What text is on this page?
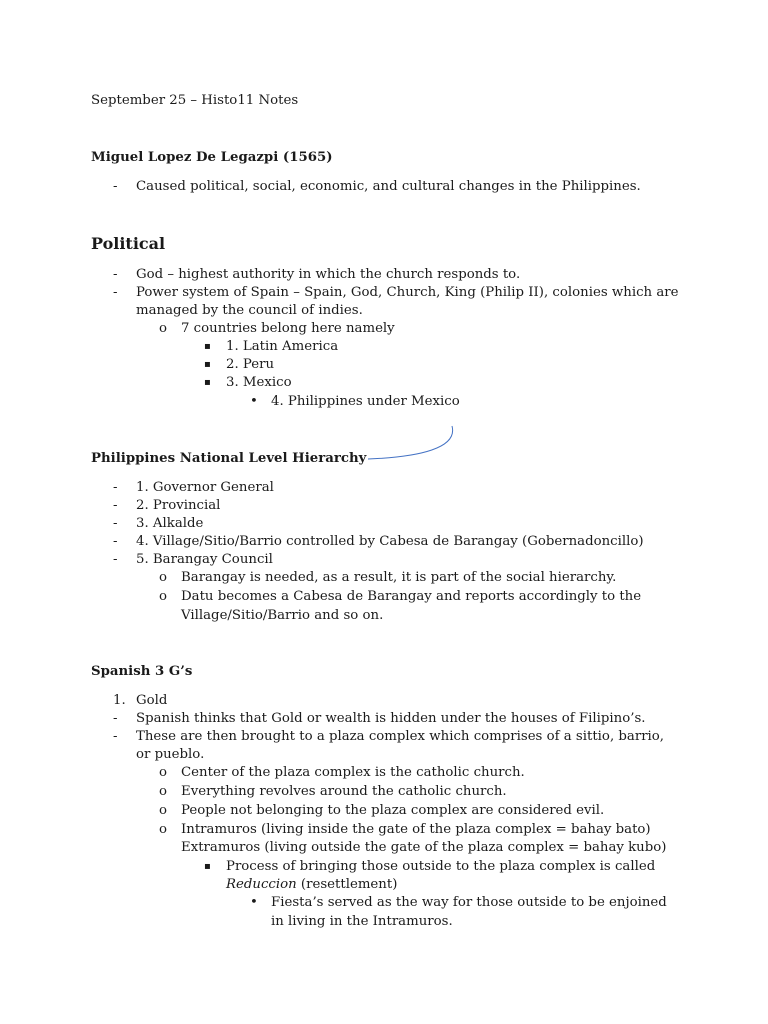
September 25 – Histo11 Notes
Miguel Lopez De Legazpi (1565)
- Caused political, social, economic, and cultural changes in the Philippines.
Political
- God – highest authority in which the church responds to.
- Power system of Spain – Spain, God, Church, King (Philip II), colonies which are
managed by the council of indies.
o 7 countries belong here namely
▪ 1. Latin America
▪ 2. Peru
▪ 3. Mexico
• 4. Philippines under Mexico
Philippines National Level Hierarchy
- 1. Governor General
- 2. Provincial
- 3. Alkalde
- 4. Village/Sitio/Barrio controlled by Cabesa de Barangay (Gobernadoncillo)
- 5. Barangay Council
o Barangay is needed, as a result, it is part of the social hierarchy.
o Datu becomes a Cabesa de Barangay and reports accordingly to the
Village/Sitio/Barrio and so on.
Spanish 3 G’s
1. Gold
- Spanish thinks that Gold or wealth is hidden under the houses of Filipino’s.
- These are then brought to a plaza complex which comprises of a sittio, barrio,
or pueblo.
o Center of the plaza complex is the catholic church.
o Everything revolves around the catholic church.
o People not belonging to the plaza complex are considered evil.
o Intramuros (living inside the gate of the plaza complex = bahay bato)
Extramuros (living outside the gate of the plaza complex = bahay kubo)
▪ Process of bringing those outside to the plaza complex is called
Reduccion (resettlement)
• Fiesta’s served as the way for those outside to be enjoined
in living in the Intramuros.
